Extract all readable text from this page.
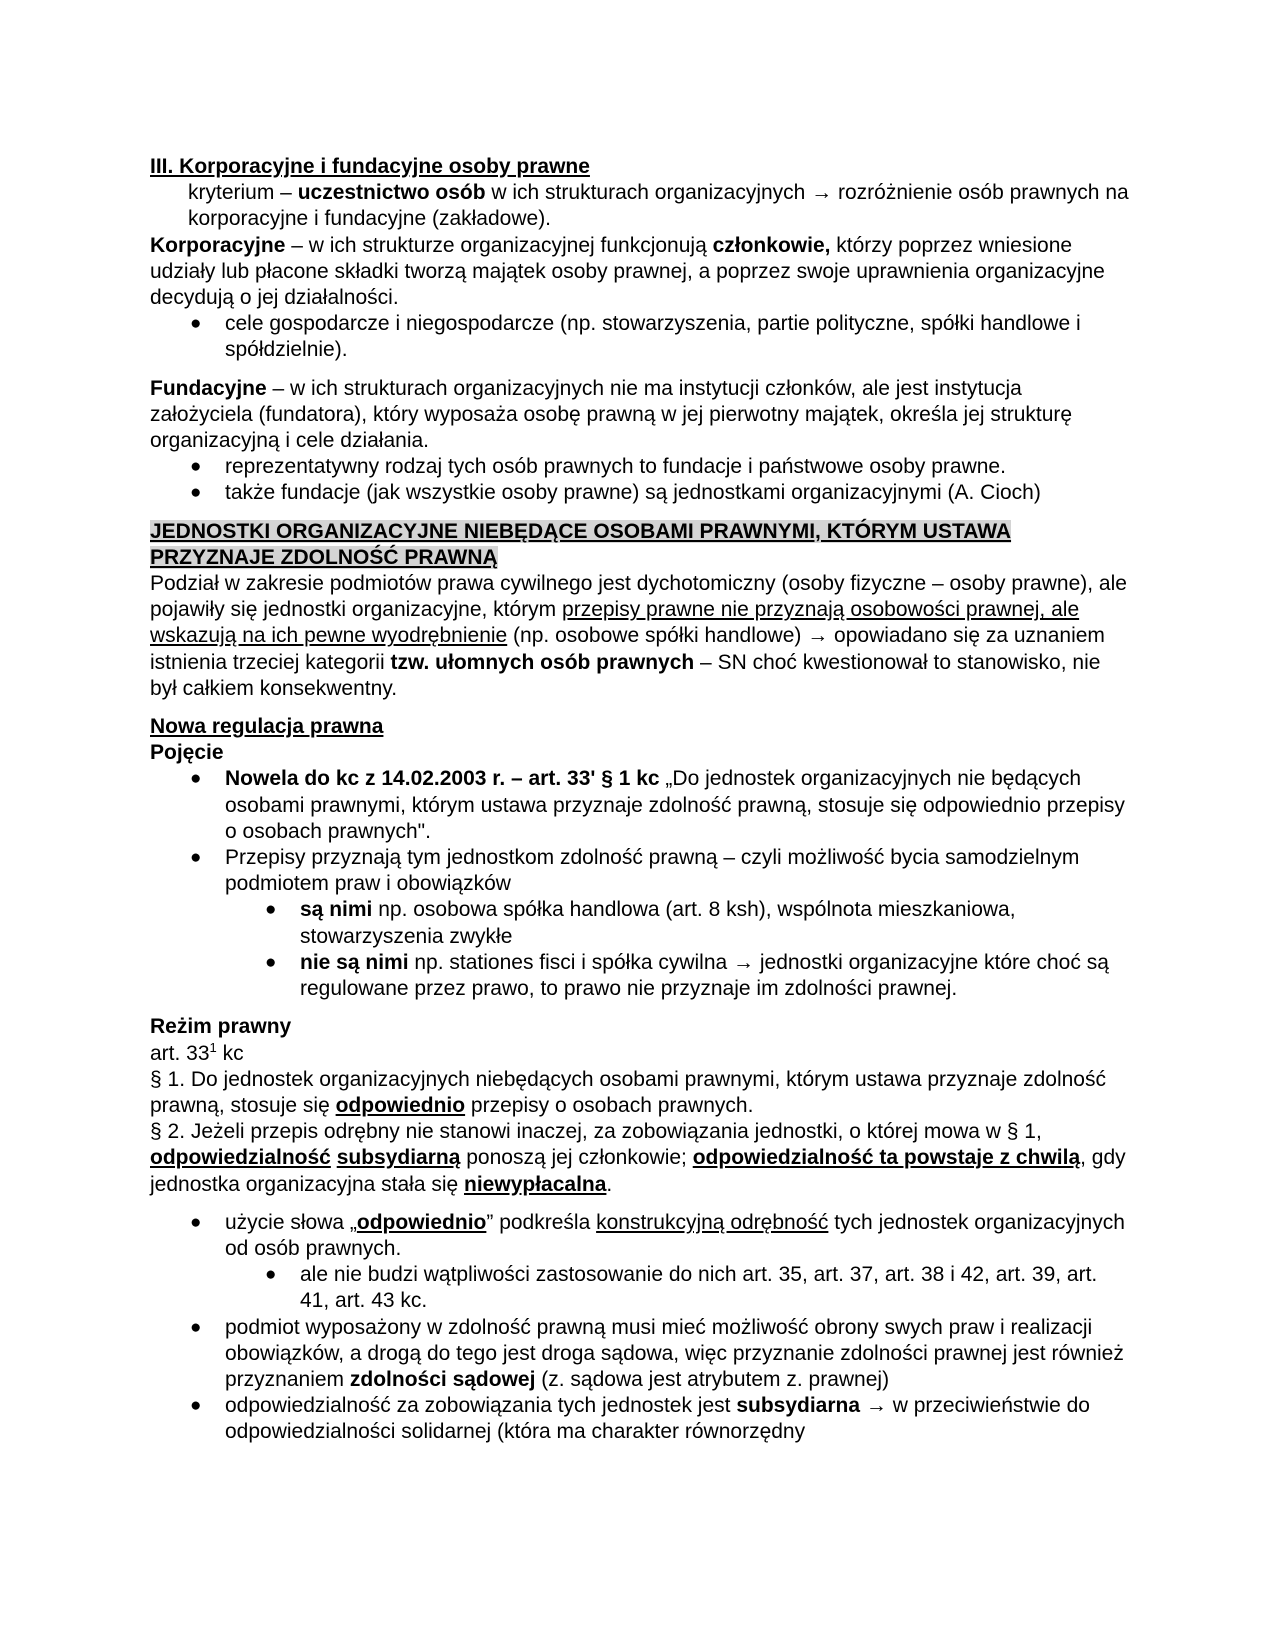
III. Korporacyjne i fundacyjne osoby prawne

kryterium – uczestnictwo osób w ich strukturach organizacyjnych → rozróżnienie osób prawnych na korporacyjne i fundacyjne (zakładowe).

Korporacyjne – w ich strukturze organizacyjnej funkcjonują członkowie, którzy poprzez wniesione udziały lub płacone składki tworzą majątek osoby prawnej, a poprzez swoje uprawnienia organizacyjne decydują o jej działalności.

● cele gospodarcze i niegospodarcze (np. stowarzyszenia, partie polityczne, spółki handlowe i spółdzielnie).

Fundacyjne – w ich strukturach organizacyjnych nie ma instytucji członków, ale jest instytucja założyciela (fundatora), który wyposaża osobę prawną w jej pierwotny majątek, określa jej strukturę organizacyjną i cele działania.

● reprezentatywny rodzaj tych osób prawnych to fundacje i państwowe osoby prawne.
● także fundacje (jak wszystkie osoby prawne) są jednostkami organizacyjnymi (A. Cioch)

JEDNOSTKI ORGANIZACYJNE NIEBĘDĄCE OSOBAMI PRAWNYMI, KTÓRYM USTAWA PRZYZNAJE ZDOLNOŚĆ PRAWNĄ

Podział w zakresie podmiotów prawa cywilnego jest dychotomiczny (osoby fizyczne – osoby prawne), ale pojawiły się jednostki organizacyjne, którym przepisy prawne nie przyznają osobowości prawnej, ale wskazują na ich pewne wyodrębnienie (np. osobowe spółki handlowe) → opowiadano się za uznaniem istnienia trzeciej kategorii tzw. ułomnych osób prawnych – SN choć kwestionował to stanowisko, nie był całkiem konsekwentny.

Nowa regulacja prawna

Pojęcie

● Nowela do kc z 14.02.2003 r. – art. 33' § 1 kc „Do jednostek organizacyjnych nie będących osobami prawnymi, którym ustawa przyznaje zdolność prawną, stosuje się odpowiednio przepisy o osobach prawnych".
● Przepisy przyznają tym jednostkom zdolność prawną – czyli możliwość bycia samodzielnym podmiotem praw i obowiązków
● są nimi np. osobowa spółka handlowa (art. 8 ksh), wspólnota mieszkaniowa, stowarzyszenia zwykłe
● nie są nimi np. stationes fisci i spółka cywilna → jednostki organizacyjne które choć są regulowane przez prawo, to prawo nie przyznaje im zdolności prawnej.

Reżim prawny

art. $33^1$ kc

§ 1. Do jednostek organizacyjnych niebędących osobami prawnymi, którym ustawa przyznaje zdolność prawną, stosuje się odpowiednio przepisy o osobach prawnych.

§ 2. Jeżeli przepis odrębny nie stanowi inaczej, za zobowiązania jednostki, o której mowa w § 1, odpowiedzialność subsydiarną ponoszą jej członkowie; odpowiedzialność ta powstaje z chwilą, gdy jednostka organizacyjna stała się niewypłacalna.

● użycie słowa „odpowiednio” podkreśla konstrukcyjną odrębność tych jednostek organizacyjnych od osób prawnych.
● ale nie budzi wątpliwości zastosowanie do nich art. 35, art. 37, art. 38 i 42, art. 39, art. 41, art. 43 kc.
● podmiot wyposażony w zdolność prawną musi mieć możliwość obrony swych praw i realizacji obowiązków, a drogą do tego jest droga sądowa, więc przyznanie zdolności prawnej jest również przyznaniem zdolności sądowej (z. sądowa jest atrybutem z. prawnej)
● odpowiedzialność za zobowiązania tych jednostek jest subsydiarna → w przeciwieństwie do odpowiedzialności solidarnej (która ma charakter równorzędny
